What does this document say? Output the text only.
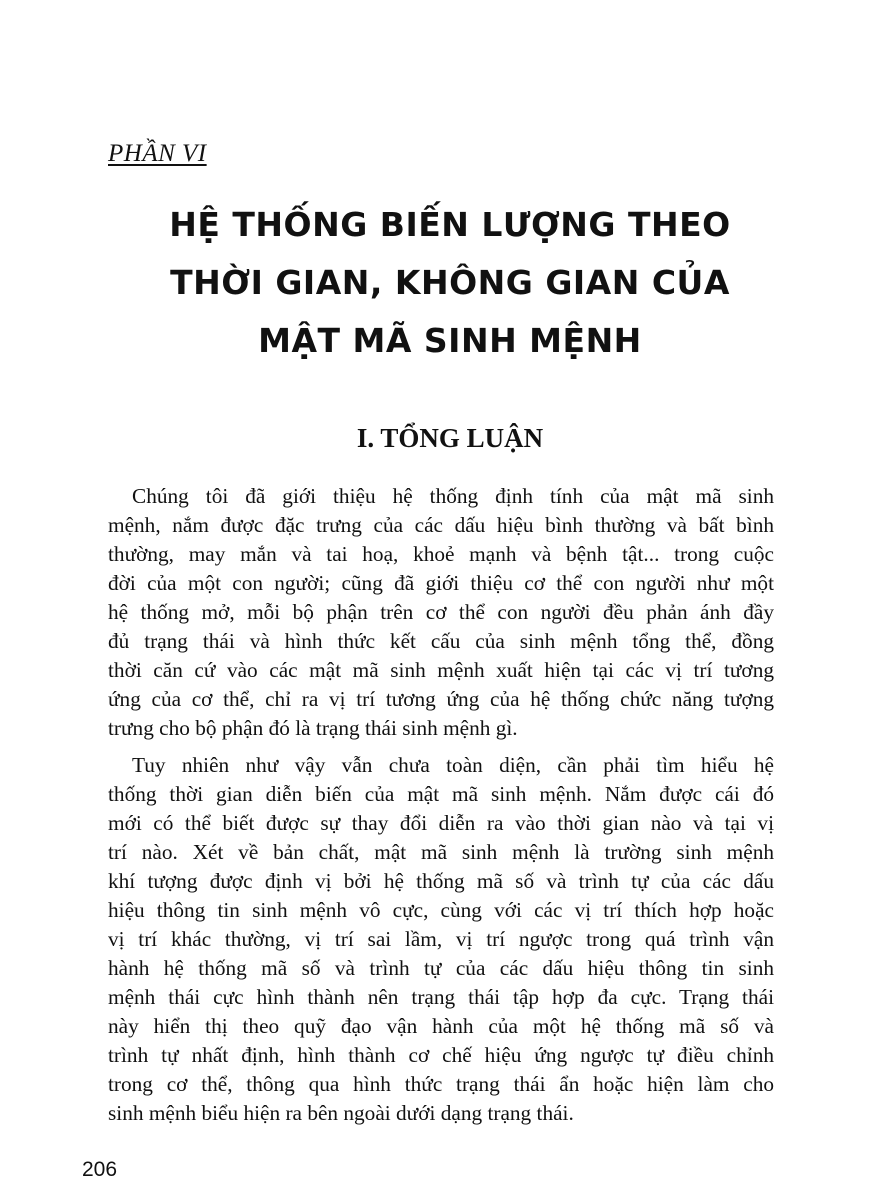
PHẦN VI
HỆ THỐNG BIẾN LƯỢNG THEO
THỜI GIAN, KHÔNG GIAN CỦA
MẬT MÃ SINH MỆNH
I. TỔNG LUẬN

Chúng tôi đã giới thiệu hệ thống định tính của mật mã sinh
mệnh, nắm được đặc trưng của các dấu hiệu bình thường và bất bình
thường, may mắn và tai hoạ, khoẻ mạnh và bệnh tật... trong cuộc
đời của một con người; cũng đã giới thiệu cơ thể con người như một
hệ thống mở, mỗi bộ phận trên cơ thể con người đều phản ánh đầy
đủ trạng thái và hình thức kết cấu của sinh mệnh tổng thể, đồng
thời căn cứ vào các mật mã sinh mệnh xuất hiện tại các vị trí tương
ứng của cơ thể, chỉ ra vị trí tương ứng của hệ thống chức năng tượng
trưng cho bộ phận đó là trạng thái sinh mệnh gì.

Tuy nhiên như vậy vẫn chưa toàn diện, cần phải tìm hiểu hệ
thống thời gian diễn biến của mật mã sinh mệnh. Nắm được cái đó
mới có thể biết được sự thay đổi diễn ra vào thời gian nào và tại vị
trí nào. Xét về bản chất, mật mã sinh mệnh là trường sinh mệnh
khí tượng được định vị bởi hệ thống mã số và trình tự của các dấu
hiệu thông tin sinh mệnh vô cực, cùng với các vị trí thích hợp hoặc
vị trí khác thường, vị trí sai lầm, vị trí ngược trong quá trình vận
hành hệ thống mã số và trình tự của các dấu hiệu thông tin sinh
mệnh thái cực hình thành nên trạng thái tập hợp đa cực. Trạng thái
này hiển thị theo quỹ đạo vận hành của một hệ thống mã số và
trình tự nhất định, hình thành cơ chế hiệu ứng ngược tự điều chỉnh
trong cơ thể, thông qua hình thức trạng thái ẩn hoặc hiện làm cho
sinh mệnh biểu hiện ra bên ngoài dưới dạng trạng thái.

206
